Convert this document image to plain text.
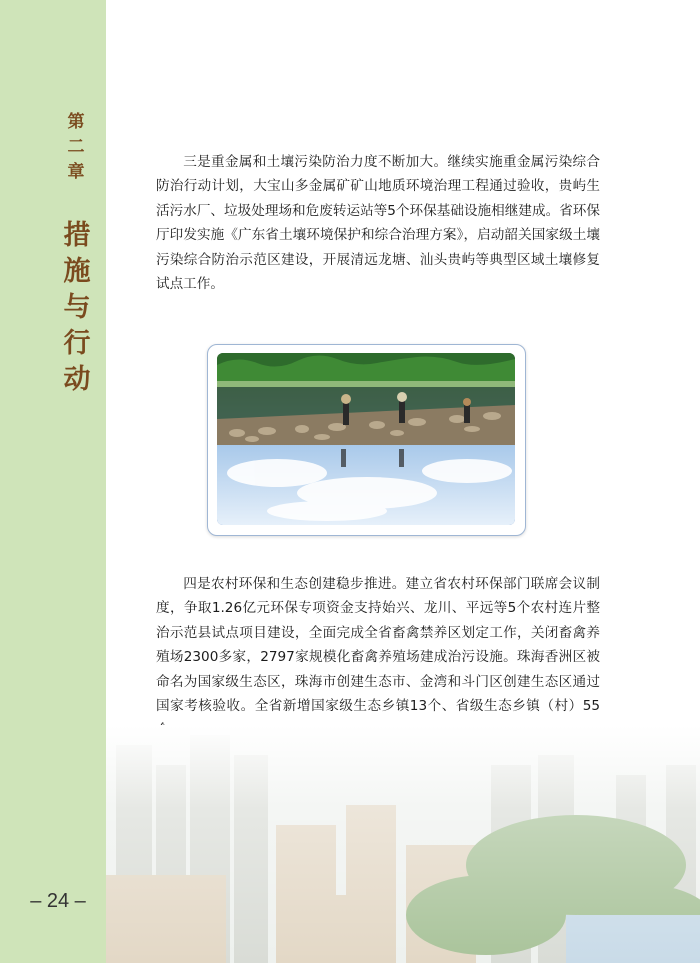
第
二
章
措
施
与
行
动
– 24 –

三是重金属和土壤污染防治力度不断加大。继续实施重金属污染综合防治行动计划，大宝山多金属矿矿山地质环境治理工程通过验收，贵屿生活污水厂、垃圾处理场和危废转运站等5个环保基础设施相继建成。省环保厅印发实施《广东省土壤环境保护和综合治理方案》，启动韶关国家级土壤污染综合防治示范区建设，开展清远龙塘、汕头贵屿等典型区域土壤修复试点工作。

四是农村环保和生态创建稳步推进。建立省农村环保部门联席会议制度，争取1.26亿元环保专项资金支持始兴、龙川、平远等5个农村连片整治示范县试点项目建设，全面完成全省畜禽禁养区划定工作，关闭畜禽养殖场2300多家，2797家规模化畜禽养殖场建成治污设施。珠海香洲区被命名为国家级生态区，珠海市创建生态市、金湾和斗门区创建生态区通过国家考核验收。全省新增国家级生态乡镇13个、省级生态乡镇（村）55
